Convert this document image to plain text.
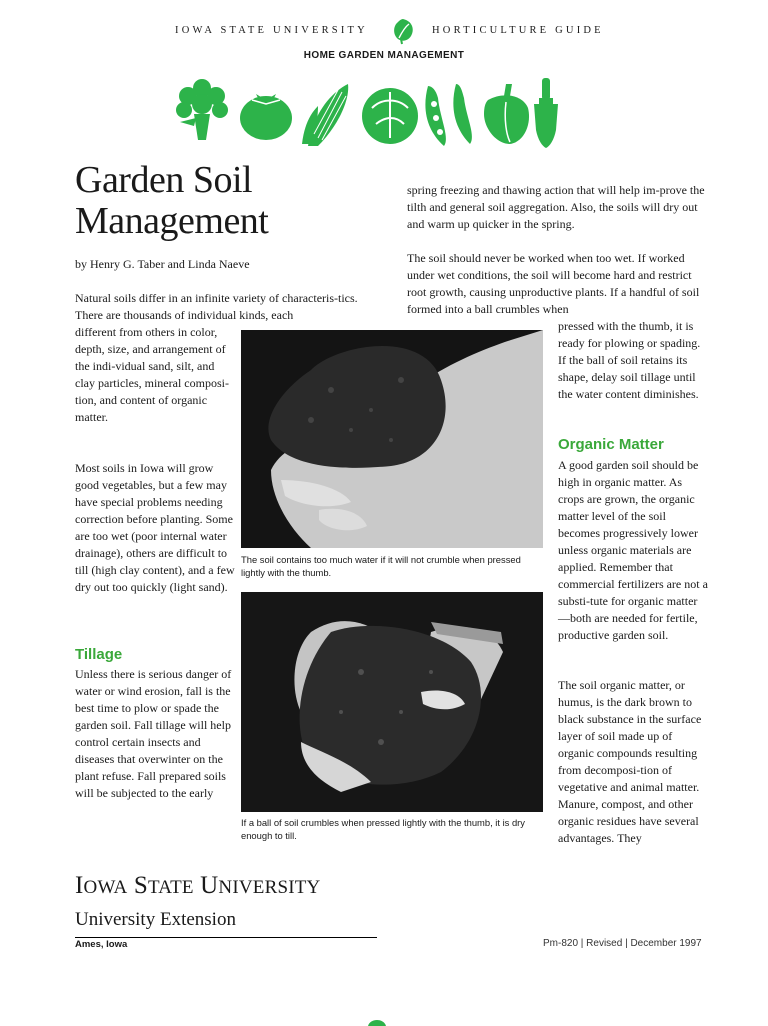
IOWA STATE UNIVERSITY	HORTICULTURE GUIDE
HOME GARDEN MANAGEMENT
Garden Soil
Management
by Henry G. Taber and Linda Naeve
Natural soils differ in an infinite variety of characteris-tics. There are thousands of individual kinds, each
different from others in color, depth, size, and arrangement of the indi-vidual sand, silt, and clay particles, mineral composi-tion, and content of organic matter.
Most soils in Iowa will grow good vegetables, but a few may have special problems needing correction before planting. Some are too wet (poor internal water drainage), others are difficult to till (high clay content), and a few dry out too quickly (light sand).
Tillage
Unless there is serious danger of water or wind erosion, fall is the best time to plow or spade the garden soil. Fall tillage will help control certain insects and diseases that overwinter on the plant refuse. Fall prepared soils will be subjected to the early
The soil contains too much water if it will not crumble when pressed lightly with the thumb.
If a ball of soil crumbles when pressed lightly with the thumb, it is dry enough to till.
spring freezing and thawing action that will help im-prove the tilth and general soil aggregation. Also, the soils will dry out and warm up quicker in the spring.
The soil should never be worked when too wet. If worked under wet conditions, the soil will become hard and restrict root growth, causing unproductive plants. If a handful of soil formed into a ball crumbles when
pressed with the thumb, it is ready for plowing or spading. If the ball of soil retains its shape, delay soil tillage until the water content diminishes.
Organic Matter
A good garden soil should be high in organic matter. As crops are grown, the organic matter level of the soil becomes progressively lower unless organic materials are applied. Remember that commercial fertilizers are not a substi-tute for organic matter—both are needed for fertile, productive garden soil.
The soil organic matter, or humus, is the dark brown to black substance in the surface layer of soil made up of organic compounds resulting from decomposi-tion of vegetative and animal matter. Manure, compost, and other organic residues have several advantages. They
IOWA STATE UNIVERSITY
University Extension
Ames, Iowa	Pm-820 | Revised | December 1997
